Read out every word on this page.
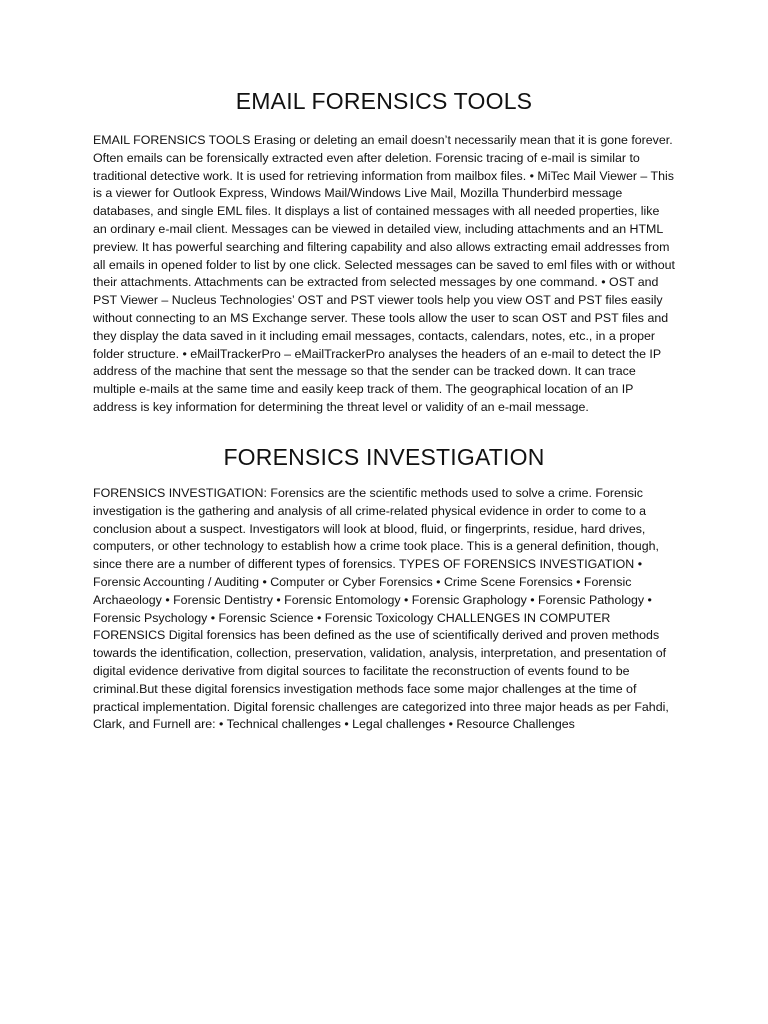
EMAIL FORENSICS TOOLS

EMAIL FORENSICS TOOLS Erasing or deleting an email doesn’t necessarily mean that it is gone forever. Often emails can be forensically extracted even after deletion. Forensic tracing of e-mail is similar to traditional detective work. It is used for retrieving information from mailbox files. • MiTec Mail Viewer – This is a viewer for Outlook Express, Windows Mail/Windows Live Mail, Mozilla Thunderbird message databases, and single EML files. It displays a list of contained messages with all needed properties, like an ordinary e-mail client. Messages can be viewed in detailed view, including attachments and an HTML preview. It has powerful searching and filtering capability and also allows extracting email addresses from all emails in opened folder to list by one click. Selected messages can be saved to eml files with or without their attachments. Attachments can be extracted from selected messages by one command. • OST and PST Viewer – Nucleus Technologies’ OST and PST viewer tools help you view OST and PST files easily without connecting to an MS Exchange server. These tools allow the user to scan OST and PST files and they display the data saved in it including email messages, contacts, calendars, notes, etc., in a proper folder structure. • eMailTrackerPro – eMailTrackerPro analyses the headers of an e-mail to detect the IP address of the machine that sent the message so that the sender can be tracked down. It can trace multiple e-mails at the same time and easily keep track of them. The geographical location of an IP address is key information for determining the threat level or validity of an e-mail message.

FORENSICS INVESTIGATION

FORENSICS INVESTIGATION: Forensics are the scientific methods used to solve a crime. Forensic investigation is the gathering and analysis of all crime-related physical evidence in order to come to a conclusion about a suspect. Investigators will look at blood, fluid, or fingerprints, residue, hard drives, computers, or other technology to establish how a crime took place. This is a general definition, though, since there are a number of different types of forensics. TYPES OF FORENSICS INVESTIGATION • Forensic Accounting / Auditing • Computer or Cyber Forensics • Crime Scene Forensics • Forensic Archaeology • Forensic Dentistry • Forensic Entomology • Forensic Graphology • Forensic Pathology • Forensic Psychology • Forensic Science • Forensic Toxicology CHALLENGES IN COMPUTER FORENSICS Digital forensics has been defined as the use of scientifically derived and proven methods towards the identification, collection, preservation, validation, analysis, interpretation, and presentation of digital evidence derivative from digital sources to facilitate the reconstruction of events found to be criminal.But these digital forensics investigation methods face some major challenges at the time of practical implementation. Digital forensic challenges are categorized into three major heads as per Fahdi, Clark, and Furnell are: • Technical challenges • Legal challenges • Resource Challenges
